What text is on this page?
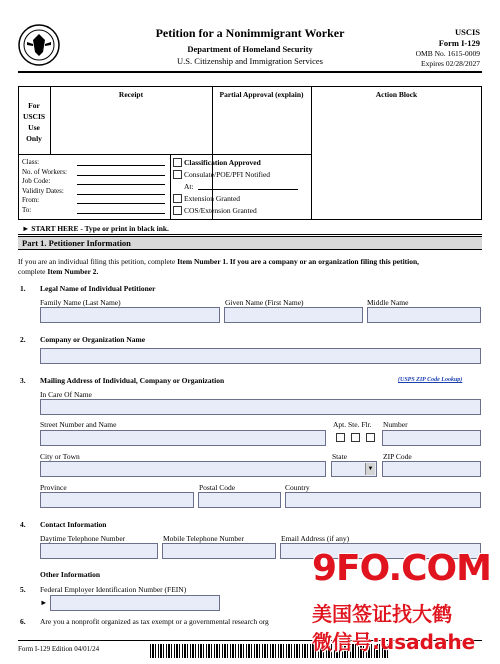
Petition for a Nonimmigrant Worker
Department of Homeland Security
U.S. Citizenship and Immigration Services
USCIS
Form I-129
OMB No. 1615-0009
Expires 02/28/2027
For
USCIS
Use
Only
Receipt	Partial Approval (explain)	Action Block
Class:
No. of Workers:
Job Code:
Validity Dates:
From:
To:
Classification Approved
Consulate/POE/PFI Notified
At:
Extension Granted
COS/Extension Granted
► START HERE - Type or print in black ink.
Part 1. Petitioner Information
If you are an individual filing this petition, complete Item Number 1. If you are a company or an organization filing this petition,
complete Item Number 2.
1. Legal Name of Individual Petitioner
Family Name (Last Name)	Given Name (First Name)	Middle Name
2. Company or Organization Name
3. Mailing Address of Individual, Company or Organization	(USPS ZIP Code Lookup)
In Care Of Name
Street Number and Name	Apt. Ste. Flr. Number
City or Town	State	ZIP Code
▼
Province	Postal Code	Country
4. Contact Information
Daytime Telephone Number	Mobile Telephone Number	Email Address (if any)
Other Information
5. Federal Employer Identification Number (FEIN)
►
6. Are you a nonprofit organized as tax exempt or a governmental research org
Form I-129 Edition 04/01/24
9FO.COM
美国签证找大鹤
微信号:usadahe
